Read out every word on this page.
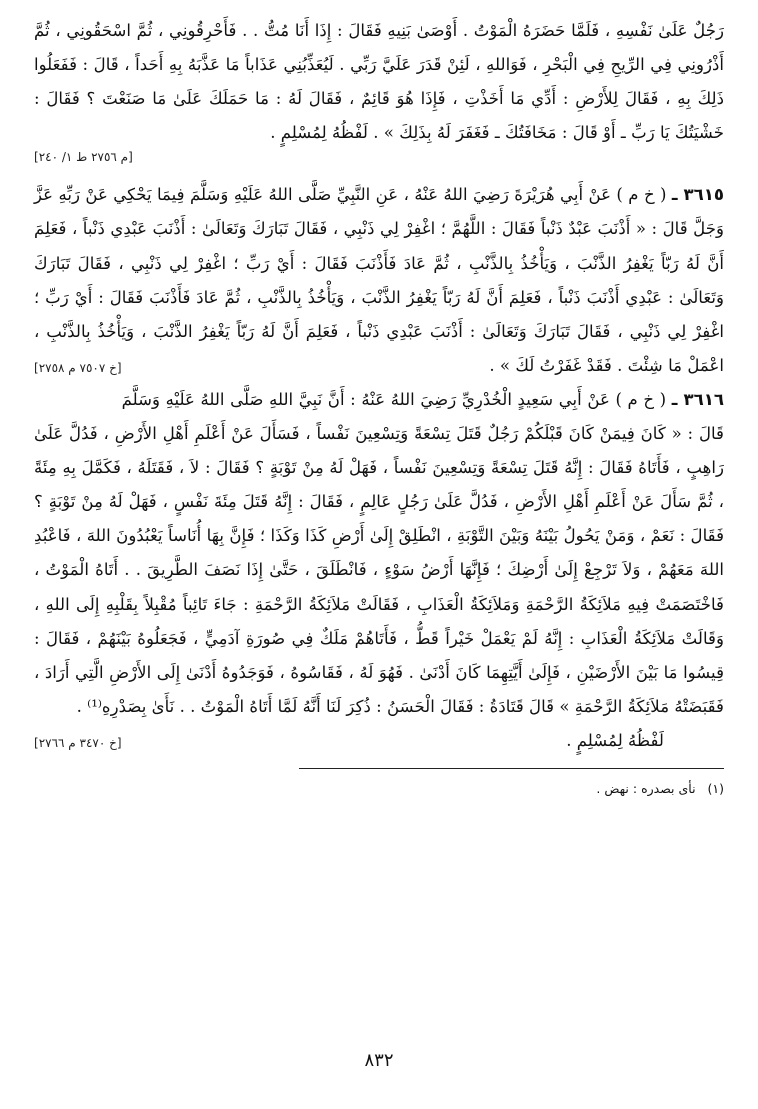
رَجُلٌ عَلَىٰ نَفْسِهِ ، فَلَمَّا حَضَرَهُ الْمَوْتُ . أَوْصَىٰ بَنِيهِ فَقَالَ : إِذَا أَنَا مُتُّ . . فَأَحْرِقُونِي ، ثُمَّ اسْحَقُونِي ، ثُمَّ أَذْرُونِي فِي الرِّيحِ فِي الْبَحْرِ ، فَوَاللهِ ، لَئِنْ قَدَرَ عَلَيَّ رَبِّي . لَيُعَذِّبُنِي عَذَاباً مَا عَذَّبَهُ بِهِ أَحَداً ، قَالَ : فَفَعَلُوا ذَلِكَ بِهِ ، فَقَالَ لِلأَرْضِ : أَدِّي مَا أَخَذْتِ ، فَإِذَا هُوَ قَائِمٌ ، فَقَالَ لَهُ : مَا حَمَلَكَ عَلَىٰ مَا صَنَعْتَ ؟ فَقَالَ : خَشْيَتُكَ يَا رَبِّ ـ أَوْ قَالَ : مَخَافَتُكَ ـ فَغَفَرَ لَهُ بِذَلِكَ » . لَفْظُهُ لِمُسْلِمٍ .

[م ٢٧٥٦ ط ١/ ٢٤٠]

٣٦١٥ ـ ( خ م ) عَنْ أَبِي هُرَيْرَةَ رَضِيَ اللهُ عَنْهُ ، عَنِ النَّبِيِّ صَلَّى اللهُ عَلَيْهِ وَسَلَّمَ فِيمَا يَحْكِي عَنْ رَبِّهِ عَزَّ وَجَلَّ قَالَ : « أَذْنَبَ عَبْدٌ ذَنْباً فَقَالَ : اللَّهُمَّ ؛ اغْفِرْ لِي ذَنْبِي ، فَقَالَ تَبَارَكَ وَتَعَالَىٰ : أَذْنَبَ عَبْدِي ذَنْباً ، فَعَلِمَ أَنَّ لَهُ رَبّاً يَغْفِرُ الذَّنْبَ ، وَيَأْخُذُ بِالذَّنْبِ ، ثُمَّ عَادَ فَأَذْنَبَ فَقَالَ : أَيْ رَبِّ ؛ اغْفِرْ لِي ذَنْبِي ، فَقَالَ تَبَارَكَ وَتَعَالَىٰ : عَبْدِي أَذْنَبَ ذَنْباً ، فَعَلِمَ أَنَّ لَهُ رَبّاً يَغْفِرُ الذَّنْبَ ، وَيَأْخُذُ بِالذَّنْبِ ، ثُمَّ عَادَ فَأَذْنَبَ فَقَالَ : أَيْ رَبِّ ؛ اغْفِرْ لِي ذَنْبِي ، فَقَالَ تَبَارَكَ وَتَعَالَىٰ : أَذْنَبَ عَبْدِي ذَنْباً ، فَعَلِمَ أَنَّ لَهُ رَبّاً يَغْفِرُ الذَّنْبَ ، وَيَأْخُذُ بِالذَّنْبِ ، اعْمَلْ مَا شِئْتَ . فَقَدْ غَفَرْتُ لَكَ » .
[خ ٧٥٠٧ م ٢٧٥٨]

٣٦١٦ ـ ( خ م ) عَنْ أَبِي سَعِيدٍ الْخُدْرِيِّ رَضِيَ اللهُ عَنْهُ : أَنَّ نَبِيَّ اللهِ صَلَّى اللهُ عَلَيْهِ وَسَلَّمَ قَالَ : « كَانَ فِيمَنْ كَانَ قَبْلَكُمْ رَجُلٌ قَتَلَ تِسْعَةً وَتِسْعِينَ نَفْساً ، فَسَأَلَ عَنْ أَعْلَمِ أَهْلِ الأَرْضِ ، فَدُلَّ عَلَىٰ رَاهِبٍ ، فَأَتَاهُ فَقَالَ : إِنَّهُ قَتَلَ تِسْعَةً وَتِسْعِينَ نَفْساً ، فَهَلْ لَهُ مِنْ تَوْبَةٍ ؟ فَقَالَ : لاَ ، فَقَتَلَهُ ، فَكَمَّلَ بِهِ مِئَةً ، ثُمَّ سَأَلَ عَنْ أَعْلَمِ أَهْلِ الأَرْضِ ، فَدُلَّ عَلَىٰ رَجُلٍ عَالِمٍ ، فَقَالَ : إِنَّهُ قَتَلَ مِئَةَ نَفْسٍ ، فَهَلْ لَهُ مِنْ تَوْبَةٍ ؟ فَقَالَ : نَعَمْ ، وَمَنْ يَحُولُ بَيْنَهُ وَبَيْنَ التَّوْبَةِ ، انْطَلِقْ إِلَىٰ أَرْضِ كَذَا وَكَذَا ؛ فَإِنَّ بِهَا أُنَاساً يَعْبُدُونَ اللهَ ، فَاعْبُدِ اللهَ مَعَهُمْ ، وَلاَ تَرْجِعْ إِلَىٰ أَرْضِكَ ؛ فَإِنَّهَا أَرْضُ سَوْءٍ ، فَانْطَلَقَ ، حَتَّىٰ إِذَا نَصَفَ الطَّرِيقَ . . أَتَاهُ الْمَوْتُ ، فَاخْتَصَمَتْ فِيهِ مَلاَئِكَةُ الرَّحْمَةِ وَمَلاَئِكَةُ الْعَذَابِ ، فَقَالَتْ مَلاَئِكَةُ الرَّحْمَةِ : جَاءَ تَائِباً مُقْبِلاً بِقَلْبِهِ إِلَى اللهِ ، وَقَالَتْ مَلاَئِكَةُ الْعَذَابِ : إِنَّهُ لَمْ يَعْمَلْ خَيْراً قَطُّ ، فَأَتَاهُمْ مَلَكٌ فِي صُورَةِ آدَمِيٍّ ، فَجَعَلُوهُ بَيْنَهُمْ ، فَقَالَ : قِيسُوا مَا بَيْنَ الأَرْضَيْنِ ، فَإِلَىٰ أَيَّتِهِمَا كَانَ أَدْنَىٰ . فَهُوَ لَهُ ، فَقَاسُوهُ ، فَوَجَدُوهُ أَدْنَىٰ إِلَى الأَرْضِ الَّتِي أَرَادَ ، فَقَبَضَتْهُ مَلاَئِكَةُ الرَّحْمَةِ » قَالَ قَتَادَةُ : فَقَالَ الْحَسَنُ : ذُكِرَ لَنَا أَنَّهُ لَمَّا أَتَاهُ الْمَوْتُ . . نَأَىٰ بِصَدْرِهِ⁽¹⁾ .

لَفْظُهُ لِمُسْلِمٍ .
[خ ٣٤٧٠ م ٢٧٦٦]

(١)   نأى بصدره : نهض .

٨٣٢
